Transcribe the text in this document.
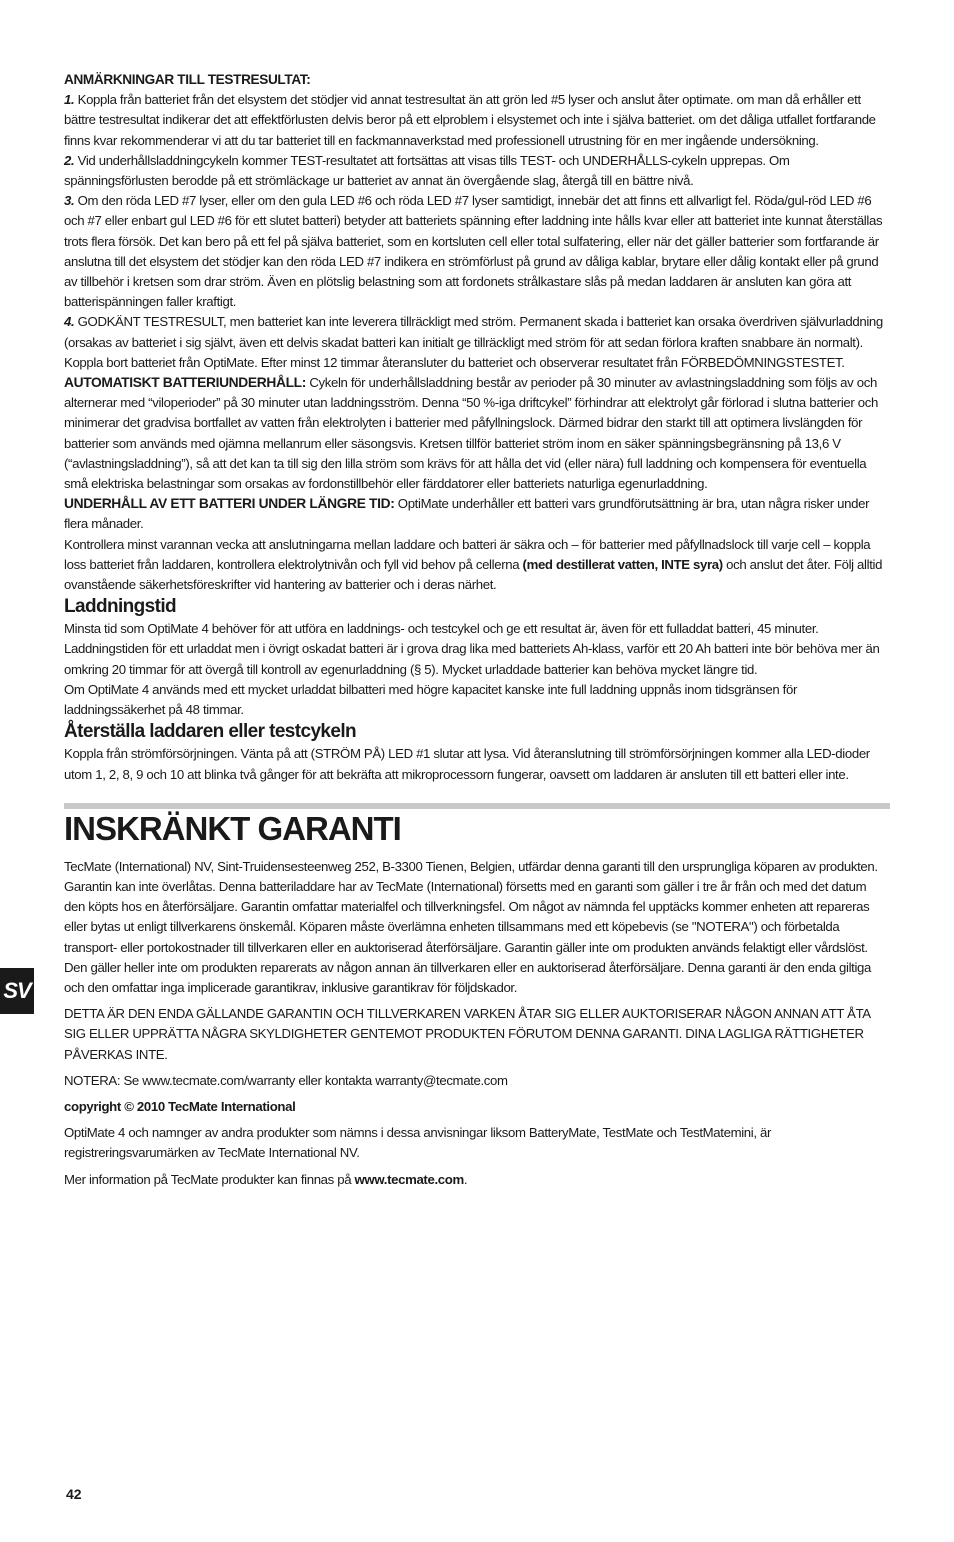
ANMÄRKNINGAR TILL TESTRESULTAT:

1. Koppla från batteriet från det elsystem det stödjer vid annat testresultat än att grön led #5 lyser och anslut åter optimate. om man då erhåller ett bättre testresultat indikerar det att effektförlusten delvis beror på ett elproblem i elsystemet och inte i själva batteriet. om det dåliga utfallet fortfarande finns kvar rekommenderar vi att du tar batteriet till en fackmannaverkstad med professionell utrustning för en mer ingående undersökning.

2. Vid underhållsladdningcykeln kommer TEST-resultatet att fortsättas att visas tills TEST- och UNDERHÅLLS-cykeln upprepas. Om spänningsförlusten berodde på ett strömläckage ur batteriet av annat än övergående slag, återgå till en bättre nivå.

3. Om den röda LED #7 lyser, eller om den gula LED #6 och röda LED #7 lyser samtidigt, innebär det att finns ett allvarligt fel. Röda/gul-röd LED #6 och #7 eller enbart gul LED #6 för ett slutet batteri) betyder att batteriets spänning efter laddning inte hålls kvar eller att batteriet inte kunnat återställas trots flera försök. Det kan bero på ett fel på själva batteriet, som en kortsluten cell eller total sulfatering, eller när det gäller batterier som fortfarande är anslutna till det elsystem det stödjer kan den röda LED #7 indikera en strömförlust på grund av dåliga kablar, brytare eller dålig kontakt eller på grund av tillbehör i kretsen som drar ström. Även en plötslig belastning som att fordonets strålkastare slås på medan laddaren är ansluten kan göra att batterispänningen faller kraftigt.

4. GODKÄNT TESTRESULT, men batteriet kan inte leverera tillräckligt med ström. Permanent skada i batteriet kan orsaka överdriven självurladdning (orsakas av batteriet i sig självt, även ett delvis skadat batteri kan initialt ge tillräckligt med ström för att sedan förlora kraften snabbare än normalt). Koppla bort batteriet från OptiMate. Efter minst 12 timmar återansluter du batteriet och observerar resultatet från FÖRBEDÖMNINGSTESTET.

AUTOMATISKT BATTERIUNDERHÅLL: Cykeln för underhållsladdning består av perioder på 30 minuter av avlastningsladdning som följs av och alternerar med “viloperioder” på 30 minuter utan laddningsström. Denna “50 %-iga driftcykel” förhindrar att elektrolyt går förlorad i slutna batterier och minimerar det gradvisa bortfallet av vatten från elektrolyten i batterier med påfyllningslock. Därmed bidrar den starkt till att optimera livslängden för batterier som används med ojämna mellanrum eller säsongsvis. Kretsen tillför batteriet ström inom en säker spänningsbegränsning på 13,6 V (“avlastningsladdning”), så att det kan ta till sig den lilla ström som krävs för att hålla det vid (eller nära) full laddning och kompensera för eventuella små elektriska belastningar som orsakas av fordonstillbehör eller färddatorer eller batteriets naturliga egenurladdning.

UNDERHÅLL AV ETT BATTERI UNDER LÄNGRE TID: OptiMate underhåller ett batteri vars grundförutsättning är bra, utan några risker under flera månader.

Kontrollera minst varannan vecka att anslutningarna mellan laddare och batteri är säkra och – för batterier med påfyllnadslock till varje cell – koppla loss batteriet från laddaren, kontrollera elektrolytnivån och fyll vid behov på cellerna (med destillerat vatten, INTE syra) och anslut det åter. Följ alltid ovanstående säkerhetsföreskrifter vid hantering av batterier och i deras närhet.

Laddningstid

Minsta tid som OptiMate 4 behöver för att utföra en laddnings- och testcykel och ge ett resultat är, även för ett fulladdat batteri, 45 minuter. Laddningstiden för ett urladdat men i övrigt oskadat batteri är i grova drag lika med batteriets Ah-klass, varför ett 20 Ah batteri inte bör behöva mer än omkring 20 timmar för att övergå till kontroll av egenurladdning (§ 5). Mycket urladdade batterier kan behöva mycket längre tid.

Om OptiMate 4 används med ett mycket urladdat bilbatteri med högre kapacitet kanske inte full laddning uppnås inom tidsgränsen för laddningssäkerhet på 48 timmar.

Återställa laddaren eller testcykeln

Koppla från strömförsörjningen. Vänta på att (STRÖM PÅ) LED #1 slutar att lysa. Vid återanslutning till strömförsörjningen kommer alla LED-dioder utom 1, 2, 8, 9 och 10 att blinka två gånger för att bekräfta att mikroprocessorn fungerar, oavsett om laddaren är ansluten till ett batteri eller inte.

INSKRÄNKT GARANTI

TecMate (International) NV, Sint-Truidensesteenweg 252, B-3300 Tienen, Belgien, utfärdar denna garanti till den ursprungliga köparen av produkten. Garantin kan inte överlåtas. Denna batteriladdare har av TecMate (International) försetts med en garanti som gäller i tre år från och med det datum den köpts hos en återförsäljare. Garantin omfattar materialfel och tillverkningsfel. Om något av nämnda fel upptäcks kommer enheten att repareras eller bytas ut enligt tillverkarens önskemål. Köparen måste överlämna enheten tillsammans med ett köpebevis (se "NOTERA") och förbetalda transport- eller portokostnader till tillverkaren eller en auktoriserad återförsäljare. Garantin gäller inte om produkten används felaktigt eller vårdslöst. Den gäller heller inte om produkten reparerats av någon annan än tillverkaren eller en auktoriserad återförsäljare. Denna garanti är den enda giltiga och den omfattar inga implicerade garantikrav, inklusive garantikrav för följdskador.

DETTA ÄR DEN ENDA GÄLLANDE GARANTIN OCH TILLVERKAREN VARKEN ÅTAR SIG ELLER AUKTORISERAR NÅGON ANNAN ATT ÅTA SIG ELLER UPPRÄTTA NÅGRA SKYLDIGHETER GENTEMOT PRODUKTEN FÖRUTOM DENNA GARANTI. DINA LAGLIGA RÄTTIGHETER PÅVERKAS INTE.

NOTERA: Se www.tecmate.com/warranty eller kontakta warranty@tecmate.com

copyright © 2010 TecMate International

OptiMate 4 och namnger av andra produkter som nämns i dessa anvisningar liksom BatteryMate, TestMate och TestMatemini, är registreringsvarumärken av TecMate International NV.

Mer information på TecMate produkter kan finnas på www.tecmate.com.

SV
42
